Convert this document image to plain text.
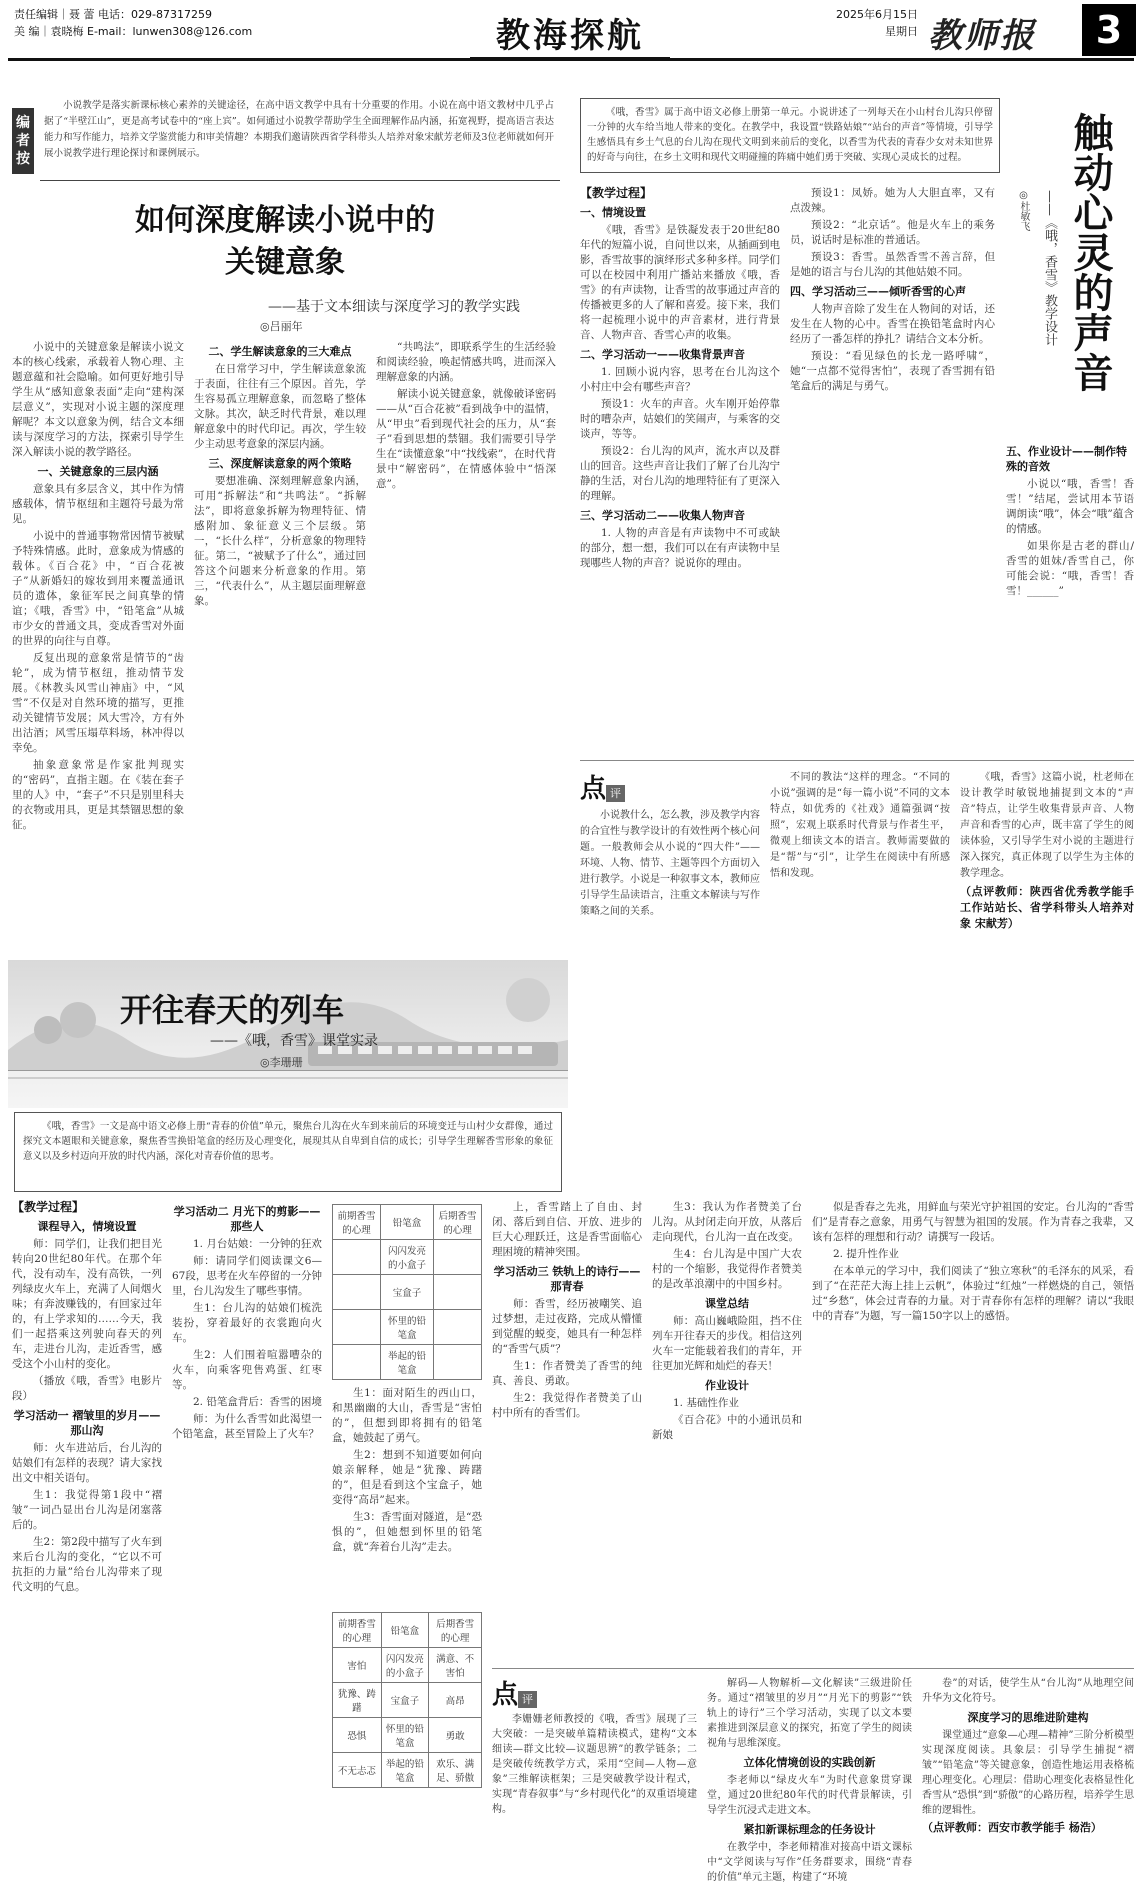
责任编辑｜聂 蕾 电话：029-87317259
美 编｜袁晓梅 E-mail：lunwen308@126.com	教海探航
2025年6月15日
星期日 教师报	3
编者按
小说教学是落实新课标核心素养的关键途径，在高中语文教学中具有十分重要的作用。小说在高中语文教材中几乎占据了“半壁江山”，更是高考试卷中的“座上宾”。如何通过小说教学帮助学生全面理解作品内涵，拓宽视野，提高语言表达能力和写作能力，培养文学鉴赏能力和审美情趣？本期我们邀请陕西省学科带头人培养对象宋献芳老师及3位老师就如何开展小说教学进行理论探讨和课例展示。
如何深度解读小说中的
关键意象
——基于文本细读与深度学习的教学实践
◎吕丽年

小说中的关键意象是解读小说文本的核心线索，承载着人物心理、主题意蕴和社会隐喻。如何更好地引导学生从“感知意象表面”走向“建构深层意义”，实现对小说主题的深度理解呢？本文以意象为例，结合文本细读与深度学习的方法，探索引导学生深入解读小说的教学路径。

一、关键意象的三层内涵

意象具有多层含义，其中作为情感载体，情节枢纽和主题符号最为常见。

小说中的普通事物常因情节被赋予特殊情感。此时，意象成为情感的载体。《百合花》中，“百合花被子”从新婚妇的嫁妆到用来覆盖通讯员的遗体，象征军民之间真挚的情谊；《哦，香雪》中，“铅笔盒”从城市少女的普通文具，变成香雪对外面的世界的向往与自尊。

反复出现的意象常是情节的“齿轮”，成为情节枢纽，推动情节发展。《林教头风雪山神庙》中，“风雪”不仅是对自然环境的描写，更推动关键情节发展；风大雪冷，方有外出沽酒；风雪压塌草料场，林冲得以幸免。

抽象意象常是作家批判现实的“密码”，直指主题。在《装在套子里的人》中，“套子”不只是别里科夫的衣物或用具，更是其禁锢思想的象征。

二、学生解读意象的三大难点

在日常学习中，学生解读意象流于表面，往往有三个原因。首先，学生容易孤立理解意象，而忽略了整体文脉。其次，缺乏时代背景，难以理解意象中的时代印记。再次，学生较少主动思考意象的深层内涵。

三、深度解读意象的两个策略

要想准确、深刻理解意象内涵，可用“拆解法”和“共鸣法”。“拆解法”，即将意象拆解为物理特征、情感附加、象征意义三个层级。第一，“长什么样”，分析意象的物理特征。第二，“被赋予了什么”，通过回答这个问题来分析意象的作用。第三，“代表什么”，从主题层面理解意象。

“共鸣法”，即联系学生的生活经验和阅读经验，唤起情感共鸣，进而深入理解意象的内涵。

解读小说关键意象，就像破译密码——从“百合花被”看到战争中的温情，从“甲虫”看到现代社会的压力，从“套子”看到思想的禁锢。我们需要引导学生在“读懂意象”中“找线索”，在时代背景中“解密码”，在情感体验中“悟深意”。

触动心灵的声音
——《哦，香雪》教学设计
◎杜敏飞
《哦，香雪》属于高中语文必修上册第一单元。小说讲述了一列每天在小山村台儿沟只停留一分钟的火车给当地人带来的变化。在教学中，我设置“铁路姑娘”“站台的声音”等情境，引导学生感悟具有乡土气息的台儿沟在现代文明到来前后的变化，以香雪为代表的青春少女对未知世界的好奇与向往，在乡土文明和现代文明碰撞的阵痛中她们勇于突破、实现心灵成长的过程。
【教学过程】
一、情境设置

《哦，香雪》是铁凝发表于20世纪80年代的短篇小说，自问世以来，从插画到电影，香雪故事的演绎形式多种多样。同学们可以在校园中利用广播站来播放《哦，香雪》的有声读物，让香雪的故事通过声音的传播被更多的人了解和喜爱。接下来，我们将一起梳理小说中的声音素材，进行背景音、人物声音、香雪心声的收集。

二、学习活动一——收集背景声音

1. 回顾小说内容，思考在台儿沟这个小村庄中会有哪些声音？

预设1：火车的声音。火车刚开始停靠时的嘈杂声，姑娘们的笑闹声，与乘客的交谈声，等等。

预设2：台儿沟的风声，流水声以及群山的回音。这些声音让我们了解了台儿沟宁静的生活，对台儿沟的地理特征有了更深入的理解。

三、学习活动二——收集人物声音

1. 人物的声音是有声读物中不可或缺的部分，想一想，我们可以在有声读物中呈现哪些人物的声音？说说你的理由。

预设1：凤娇。她为人大胆直率，又有点泼辣。

预设2：“北京话”。他是火车上的乘务员，说话时是标准的普通话。

预设3：香雪。虽然香雪不善言辞，但是她的语言与台儿沟的其他姑娘不同。

四、学习活动三——倾听香雪的心声

人物声音除了发生在人物间的对话，还发生在人物的心中。香雪在换铅笔盒时内心经历了一番怎样的挣扎？请结合文本分析。

预设：“看见绿色的长龙一路呼啸”，她“一点都不觉得害怕”，表现了香雪拥有铅笔盒后的满足与勇气。

五、作业设计——制作特殊的音效

小说以“哦，香雪！香雪！”结尾，尝试用本节语调朗读“哦”，体会“哦”蕴含的情感。

如果你是古老的群山/香雪的姐妹/香雪自己，你可能会说：“哦，香雪！香雪！______”

点评

小说教什么，怎么教，涉及教学内容的合宜性与教学设计的有效性两个核心问题。一般教师会从小说的“四大件”——环境、人物、情节、主题等四个方面切入进行教学。小说是一种叙事文本，教师应引导学生品读语言，注重文本解读与写作策略之间的关系。

不同的教法“这样的理念。“不同的小说”强调的是“每一篇小说”不同的文本特点，如优秀的《社戏》通篇强调“按照”，宏观上联系时代背景与作者生平，微观上细读文本的语言。教师需要做的是“帮”与“引”，让学生在阅读中有所感悟和发现。

《哦，香雪》这篇小说，杜老师在设计教学时敏锐地捕捉到文本的“声音”特点，让学生收集背景声音、人物声音和香雪的心声，既丰富了学生的阅读体验，又引导学生对小说的主题进行深入探究，真正体现了以学生为主体的教学理念。

（点评教师：陕西省优秀教学能手工作站站长、省学科带头人培养对象 宋献芳）
开往春天的列车
——《哦，香雪》课堂实录
◎李珊珊
《哦，香雪》一文是高中语文必修上册“青春的价值”单元，聚焦台儿沟在火车到来前后的环境变迁与山村少女群像，通过探究文本题眼和关键意象，聚焦香雪换铅笔盒的经历及心理变化，展现其从自卑到自信的成长；引导学生理解香雪形象的象征意义以及乡村迈向开放的时代内涵，深化对青春价值的思考。
【教学过程】
课程导入，情境设置

师：同学们，让我们把目光转向20世纪80年代。在那个年代，没有动车，没有高铁，一列列绿皮火车上，充满了人间烟火味；有奔波赚钱的，有回家过年的，有上学求知的……今天，我们一起搭乘这列驶向春天的列车，走进台儿沟，走近香雪，感受这个小山村的变化。

（播放《哦，香雪》电影片段）

学习活动一 褶皱里的岁月——那山沟

师：火车进站后，台儿沟的姑娘们有怎样的表现？请大家找出文中相关语句。

生1：我觉得第1段中“褶皱”一词凸显出台儿沟是闭塞落后的。

生2：第2段中描写了火车到来后台儿沟的变化，“它以不可抗拒的力量”给台儿沟带来了现代文明的气息。

学习活动二 月光下的剪影——那些人

1. 月台姑娘：一分钟的狂欢

师：请同学们阅读课文6—67段，思考在火车停留的一分钟里，台儿沟发生了哪些事情。

生1：台儿沟的姑娘们梳洗装扮，穿着最好的衣裳跑向火车。

生2：人们围着喧嚣嘈杂的火车，向乘客兜售鸡蛋、红枣等。

2. 铅笔盒背后：香雪的困境

师：为什么香雪如此渴望一个铅笔盒，甚至冒险上了火车？

前期香雪的心理	铅笔盒	后期香雪的心理
	闪闪发亮的小盒子	
	宝盒子	
	怀里的铅笔盒	
	举起的铅笔盒	

生1：面对陌生的西山口，和黑幽幽的大山，香雪是“害怕的”，但想到即将拥有的铅笔盒，她鼓起了勇气。

生2：想到不知道要如何向娘亲解释，她是“犹豫、踌躇的”，但是看到这个宝盒子，她变得“高昂”起来。

生3：香雪面对隧道，是“恐惧的”，但她想到怀里的铅笔盒，就“奔着台儿沟”走去。

前期香雪的心理	铅笔盒	后期香雪的心理
害怕	闪闪发亮的小盒子	满意、不害怕
犹豫、踌躇	宝盒子	高昂
恐惧	怀里的铅笔盒	勇敢
不无忐忑	举起的铅笔盒	欢乐、满足、骄傲

上，香雪踏上了自由、封闭、落后到自信、开放、进步的巨大心理跃迁，这是香雪面临心理困境的精神突围。

学习活动三 铁轨上的诗行——那青春

师：香雪，经历被嘲笑、追过梦想，走过夜路，完成从懵懂到觉醒的蜕变，她具有一种怎样的“香雪气质”？

生1：作者赞美了香雪的纯真、善良、勇敢。

生2：我觉得作者赞美了山村中所有的香雪们。

生3：我认为作者赞美了台儿沟。从封闭走向开放，从落后走向现代，台儿沟一直在改变。

生4：台儿沟是中国广大农村的一个缩影，我觉得作者赞美的是改革浪潮中的中国乡村。

课堂总结

师：高山巍峨险阻，挡不住列车开往春天的步伐。相信这列火车一定能载着我们的青年，开往更加光辉和灿烂的春天！

作业设计

1. 基础性作业

《百合花》中的小通讯员和新娘

似是香春之先兆，用鲜血与荣光守护祖国的安定。台儿沟的“香雪们”是青春之意象，用勇气与智慧为祖国的发展。作为青春之我辈，又该有怎样的理想和行动？请撰写一段话。

2. 提升性作业

在本单元的学习中，我们阅读了“独立寒秋”的毛泽东的风采，看到了“在茫茫大海上挂上云帆”，体验过“红烛”一样燃烧的自己，领悟过“乡愁”，体会过青春的力量。对于青春你有怎样的理解？请以“我眼中的青春”为题，写一篇150字以上的感悟。

点评

李姗姗老师教授的《哦，香雪》展现了三大突破：一是突破单篇精读模式，建构“文本细读—群文比较—议题思辨”的教学链条；二是突破传统教学方式，采用“空间—人物—意象”三维解读框架；三是突破教学设计程式，实现“青春叙事”与“乡村现代化”的双重语境建构。

解码—人物解析—文化解读”三级进阶任务。通过“褶皱里的岁月”“月光下的剪影”“铁轨上的诗行”三个学习活动，实现了以文本要素推进到深层意义的探究，拓宽了学生的阅读视角与思维深度。

立体化情境创设的实践创新

李老师以“绿皮火车”为时代意象贯穿课堂，通过20世纪80年代的时代背景解读，引导学生沉浸式走进文本。

紧扣新课标理念的任务设计

在教学中，李老师精准对接高中语文课标中“文学阅读与写作”任务群要求，围绕“青春的价值”单元主题，构建了“环境

卷”的对话，使学生从“台儿沟”从地理空间升华为文化符号。

深度学习的思维进阶建构

课堂通过“意象—心理—精神”三阶分析模型实现深度阅读。具象层：引导学生捕捉“褶皱”“铅笔盒”等关键意象，创造性地运用表格梳理心理变化。心理层：借助心理变化表格显性化香雪从“恐惧”到“骄傲”的心路历程，培养学生思维的逻辑性。

（点评教师：西安市教学能手 杨浩）
